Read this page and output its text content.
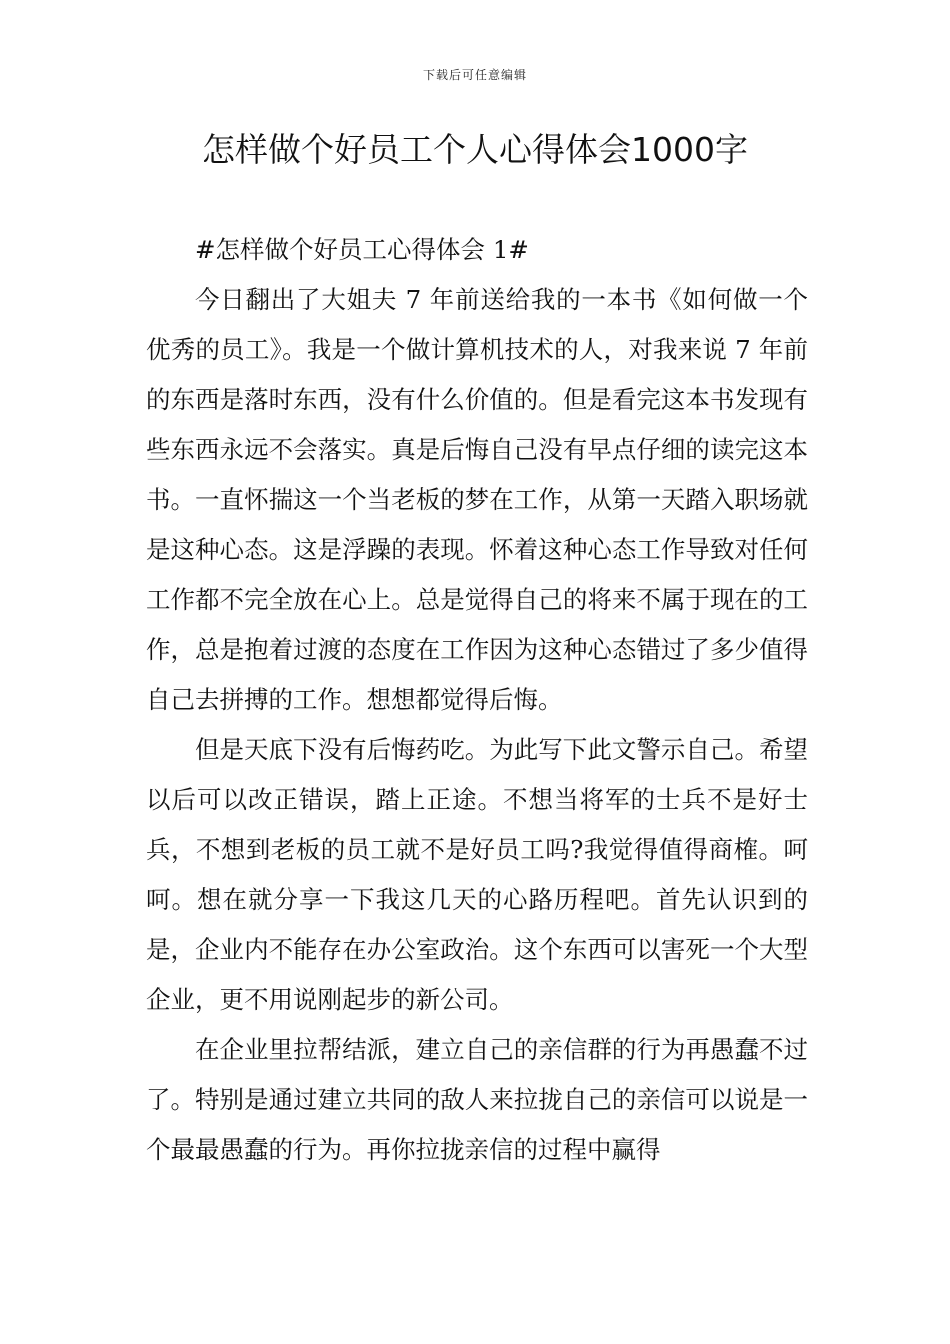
下载后可任意编辑
怎样做个好员工个人心得体会1000字

#怎样做个好员工心得体会 1#

今日翻出了大姐夫 7 年前送给我的一本书《如何做一个优秀的员工》。我是一个做计算机技术的人，对我来说 7 年前的东西是落时东西，没有什么价值的。但是看完这本书发现有些东西永远不会落实。真是后悔自己没有早点仔细的读完这本书。一直怀揣这一个当老板的梦在工作，从第一天踏入职场就是这种心态。这是浮躁的表现。怀着这种心态工作导致对任何工作都不完全放在心上。总是觉得自己的将来不属于现在的工作，总是抱着过渡的态度在工作因为这种心态错过了多少值得自己去拼搏的工作。想想都觉得后悔。

但是天底下没有后悔药吃。为此写下此文警示自己。希望以后可以改正错误，踏上正途。不想当将军的士兵不是好士兵，不想到老板的员工就不是好员工吗?我觉得值得商榷。呵呵。想在就分享一下我这几天的心路历程吧。首先认识到的是，企业内不能存在办公室政治。这个东西可以害死一个大型企业，更不用说刚起步的新公司。

在企业里拉帮结派，建立自己的亲信群的行为再愚蠢不过了。特别是通过建立共同的敌人来拉拢自己的亲信可以说是一个最最愚蠢的行为。再你拉拢亲信的过程中赢得
